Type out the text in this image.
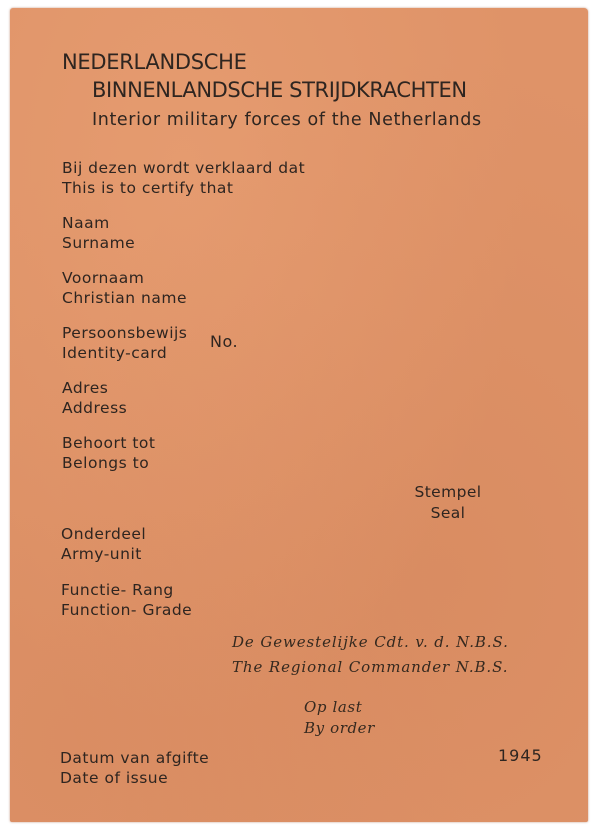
NEDERLANDSCHE
BINNENLANDSCHE STRIJDKRACHTEN
Interior military forces of the Netherlands
Bij dezen wordt verklaard dat
This is to certify that
Naam
Surname
Voornaam
Christian name
Persoonsbewijs
Identity-card
No.
Adres
Address
Behoort tot
Belongs to
Onderdeel
Army-unit
Functie- Rang
Function- Grade
Stempel
Seal
De Gewestelijke Cdt. v. d. N.B.S.
The Regional Commander N.B.S.
Op last
By order
Datum van afgifte
Date of issue
1945
